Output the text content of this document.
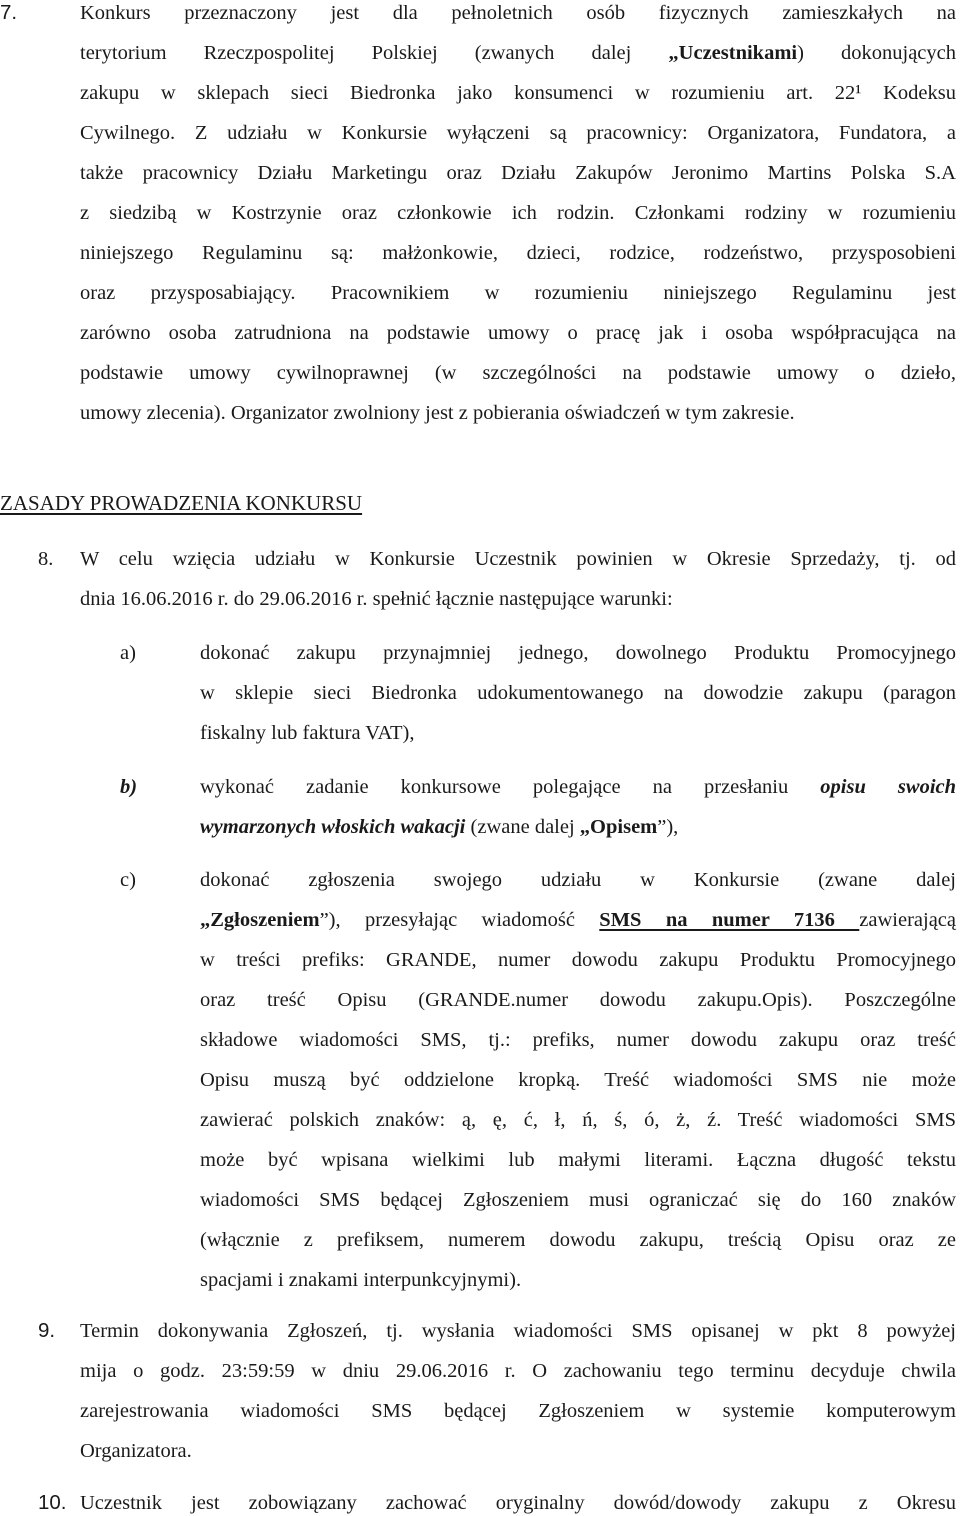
7.	Konkurs przeznaczony jest dla pełnoletnich osób fizycznych zamieszkałych na
terytorium Rzeczpospolitej Polskiej (zwanych dalej „Uczestnikami) dokonujących
zakupu w sklepach sieci Biedronka jako konsumenci w rozumieniu art. 22¹ Kodeksu
Cywilnego. Z udziału w Konkursie wyłączeni są pracownicy: Organizatora, Fundatora, a
także pracownicy Działu Marketingu oraz Działu Zakupów Jeronimo Martins Polska S.A
z siedzibą w Kostrzynie oraz członkowie ich rodzin. Członkami rodziny w rozumieniu
niniejszego Regulaminu są: małżonkowie, dzieci, rodzice, rodzeństwo, przysposobieni
oraz przysposabiający. Pracownikiem w rozumieniu niniejszego Regulaminu jest
zarówno osoba zatrudniona na podstawie umowy o pracę jak i osoba współpracująca na
podstawie umowy cywilnoprawnej (w szczególności na podstawie umowy o dzieło,
umowy zlecenia). Organizator zwolniony jest z pobierania oświadczeń w tym zakresie.
ZASADY PROWADZENIA KONKURSU
8. W celu wzięcia udziału w Konkursie Uczestnik powinien w Okresie Sprzedaży, tj. od
dnia 16.06.2016 r. do 29.06.2016 r. spełnić łącznie następujące warunki:
a)	dokonać zakupu przynajmniej jednego, dowolnego Produktu Promocyjnego
w sklepie sieci Biedronka udokumentowanego na dowodzie zakupu (paragon
fiskalny lub faktura VAT),
b)	wykonać zadanie konkursowe polegające na przesłaniu opisu swoich
wymarzonych włoskich wakacji (zwane dalej „Opisem”),
c)	dokonać zgłoszenia swojego udziału w Konkursie (zwane dalej
„Zgłoszeniem”), przesyłając wiadomość SMS na numer 7136 zawierającą
w treści prefiks: GRANDE, numer dowodu zakupu Produktu Promocyjnego
oraz treść Opisu (GRANDE.numer dowodu zakupu.Opis). Poszczególne
składowe wiadomości SMS, tj.: prefiks, numer dowodu zakupu oraz treść
Opisu muszą być oddzielone kropką. Treść wiadomości SMS nie może
zawierać polskich znaków: ą, ę, ć, ł, ń, ś, ó, ż, ź. Treść wiadomości SMS
może być wpisana wielkimi lub małymi literami. Łączna długość tekstu
wiadomości SMS będącej Zgłoszeniem musi ograniczać się do 160 znaków
(włącznie z prefiksem, numerem dowodu zakupu, treścią Opisu oraz ze
spacjami i znakami interpunkcyjnymi).
9. Termin dokonywania Zgłoszeń, tj. wysłania wiadomości SMS opisanej w pkt 8 powyżej
mija o godz. 23:59:59 w dniu 29.06.2016 r. O zachowaniu tego terminu decyduje chwila
zarejestrowania wiadomości SMS będącej Zgłoszeniem w systemie komputerowym
Organizatora.
10. Uczestnik jest zobowiązany zachować oryginalny dowód/dowody zakupu z Okresu
